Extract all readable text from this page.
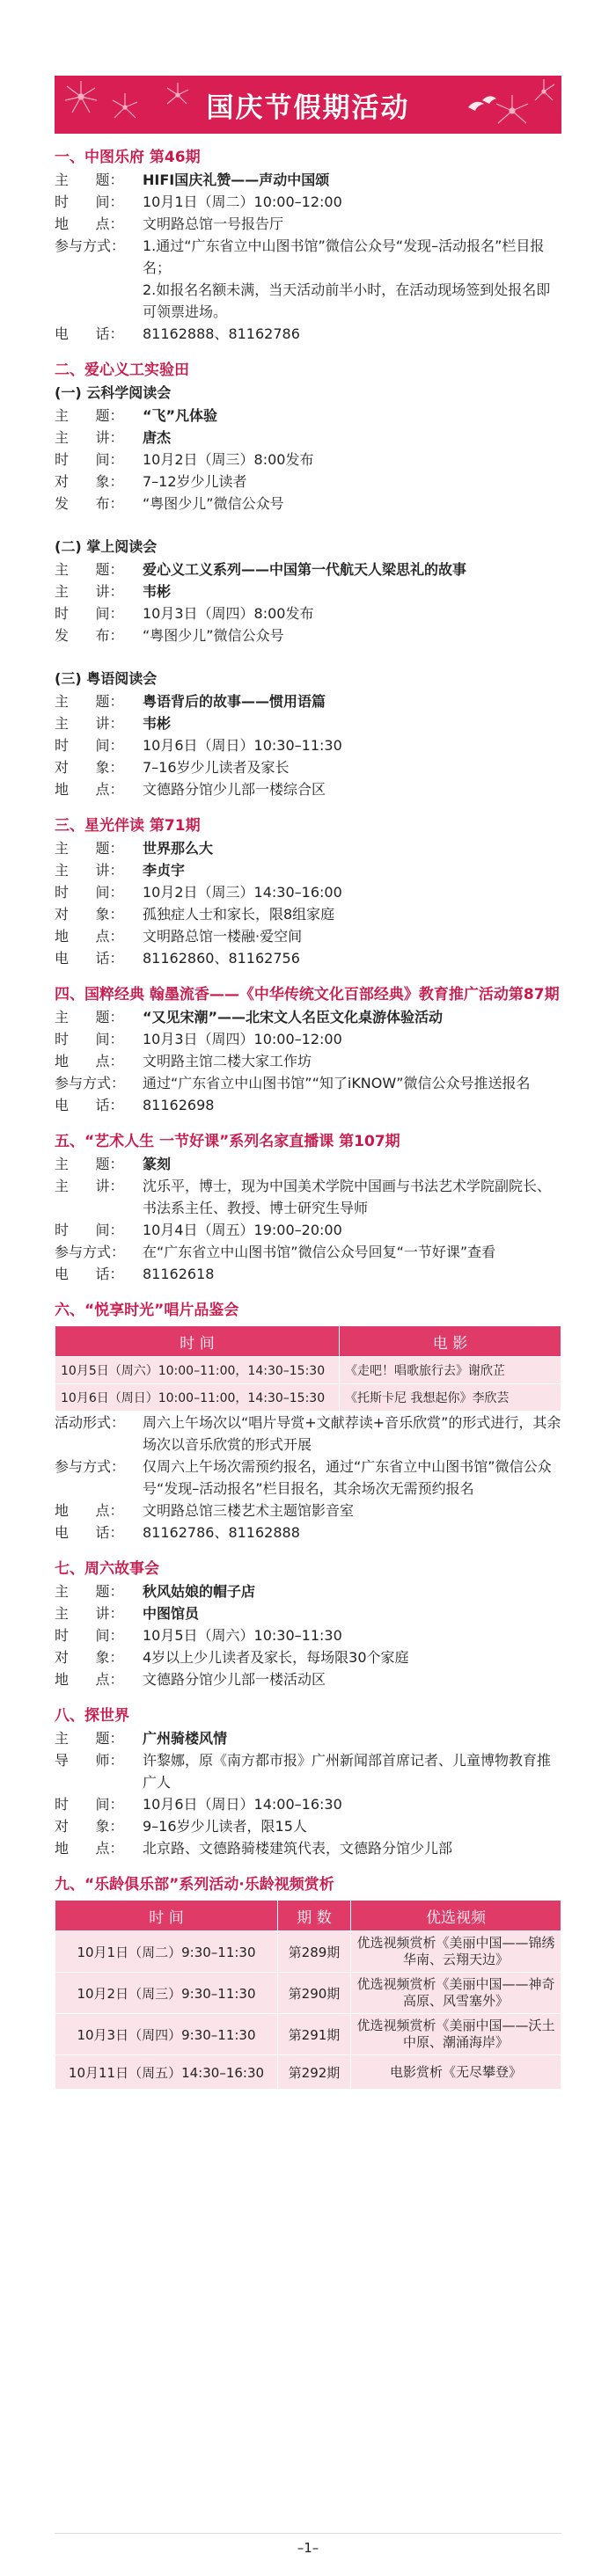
国庆节假期活动
一、中图乐府 第46期
主      题：	HIFI国庆礼赞——声动中国颂
时      间：	10月1日（周二）10:00–12:00
地      点：	文明路总馆一号报告厅
参与方式：	1.通过“广东省立中山图书馆”微信公众号“发现–活动报名”栏目报名；
2.如报名名额未满，当天活动前半小时，在活动现场签到处报名即可领票进场。
电      话：	81162888、81162786
二、爱心义工实验田
(一) 云科学阅读会
主      题：	“飞”凡体验
主      讲：	唐杰
时      间：	10月2日（周三）8:00发布
对      象：	7–12岁少儿读者
发      布：	“粤图少儿”微信公众号
(二) 掌上阅读会
主      题：	爱心义工义系列——中国第一代航天人梁思礼的故事
主      讲：	韦彬
时      间：	10月3日（周四）8:00发布
发      布：	“粤图少儿”微信公众号
(三) 粤语阅读会
主      题：	粤语背后的故事——惯用语篇
主      讲：	韦彬
时      间：	10月6日（周日）10:30–11:30
对      象：	7–16岁少儿读者及家长
地      点：	文德路分馆少儿部一楼综合区
三、星光伴读 第71期
主      题：	世界那么大
主      讲：	李贞宇
时      间：	10月2日（周三）14:30–16:00
对      象：	孤独症人士和家长，限8组家庭
地      点：	文明路总馆一楼融·爱空间
电      话：	81162860、81162756
四、国粹经典 翰墨流香——《中华传统文化百部经典》教育推广活动第87期
主      题：	“又见宋潮”——北宋文人名臣文化桌游体验活动
时      间：	10月3日（周四）10:00–12:00
地      点：	文明路主馆二楼大家工作坊
参与方式：	通过“广东省立中山图书馆”“知了iKNOW”微信公众号推送报名
电      话：	81162698
五、“艺术人生 一节好课”系列名家直播课 第107期
主      题：	篆刻
主      讲：	沈乐平，博士，现为中国美术学院中国画与书法艺术学院副院长、书法系主任、教授、博士研究生导师
时      间：	10月4日（周五）19:00–20:00
参与方式：	在“广东省立中山图书馆”微信公众号回复“一节好课”查看
电      话：	81162618
六、“悦享时光”唱片品鉴会
时 间	电 影
10月5日（周六）10:00–11:00，14:30–15:30	《走吧！唱歌旅行去》谢欣芷
10月6日（周日）10:00–11:00，14:30–15:30	《托斯卡尼 我想起你》李欣芸
活动形式：	周六上午场次以“唱片导赏+文献荐读+音乐欣赏”的形式进行，其余场次以音乐欣赏的形式开展
参与方式：	仅周六上午场次需预约报名，通过“广东省立中山图书馆”微信公众号“发现–活动报名”栏目报名，其余场次无需预约报名
地      点：	文明路总馆三楼艺术主题馆影音室
电      话：	81162786、81162888
七、周六故事会
主      题：	秋风姑娘的帽子店
主      讲：	中图馆员
时      间：	10月5日（周六）10:30–11:30
对      象：	4岁以上少儿读者及家长，每场限30个家庭
地      点：	文德路分馆少儿部一楼活动区
八、探世界
主      题：	广州骑楼风情
导      师：	许黎娜，原《南方都市报》广州新闻部首席记者、儿童博物教育推广人
时      间：	10月6日（周日）14:00–16:30
对      象：	9–16岁少儿读者，限15人
地      点：	北京路、文德路骑楼建筑代表，文德路分馆少儿部
九、“乐龄俱乐部”系列活动·乐龄视频赏析
时 间	期 数	优选视频
10月1日（周二）9:30–11:30	第289期	优选视频赏析《美丽中国——锦绣华南、云翔天边》
10月2日（周三）9:30–11:30	第290期	优选视频赏析《美丽中国——神奇高原、风雪塞外》
10月3日（周四）9:30–11:30	第291期	优选视频赏析《美丽中国——沃土中原、潮涌海岸》
10月11日（周五）14:30–16:30	第292期	电影赏析《无尽攀登》
–1–
